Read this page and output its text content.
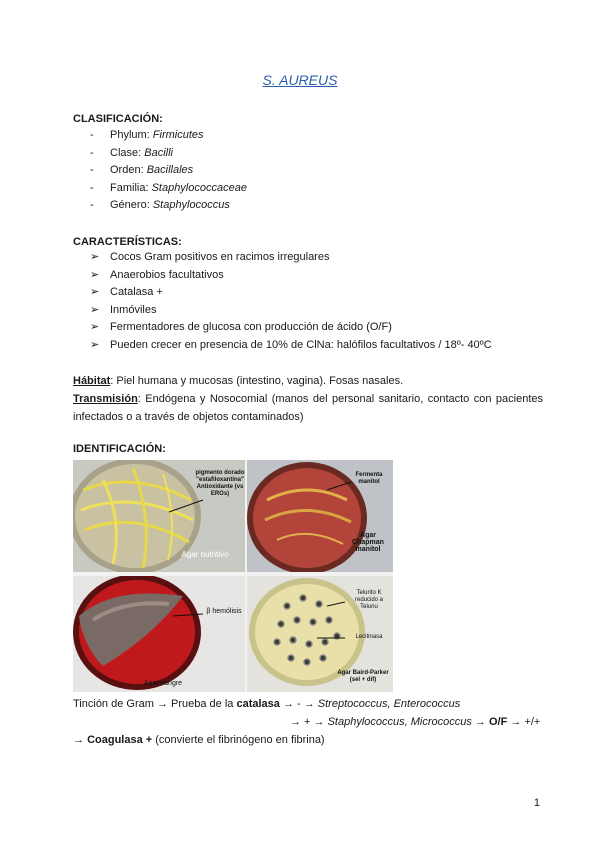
S. AUREUS
CLASIFICACIÓN:
- Phylum: Firmicutes
- Clase: Bacilli
- Orden: Bacillales
- Familia: Staphylococcaceae
- Género: Staphylococcus
CARACTERÍSTICAS:
➢ Cocos Gram positivos en racimos irregulares
➢ Anaerobios facultativos
➢ Catalasa +
➢ Inmóviles
➢ Fermentadores de glucosa con producción de ácido (O/F)
➢ Pueden crecer en presencia de 10% de ClNa: halófilos facultativos / 18º- 40ºC
Hábitat: Piel humana y mucosas (intestino, vagina). Fosas nasales.
Transmisión: Endógena y Nosocomial (manos del personal sanitario, contacto con pacientes infectados o a través de objetos contaminados)
IDENTIFICACIÓN:
pigmento dorado "estafiloxantina" Antioxidante (vs EROs)
Agar nutritivo
Fermenta manitol
Agar Chapman manitol
β hemólisis
Agar sangre
Telurito K reducido a Teluriu
Lecitinasa
Agar Baird-Parker (sel + dif)
Tinción de Gram → Prueba de la catalasa → - → Streptococcus, Enterococcus
→ + → Staphylococcus, Micrococcus → O/F → +/+
→ Coagulasa + (convierte el fibrinógeno en fibrina)
1
